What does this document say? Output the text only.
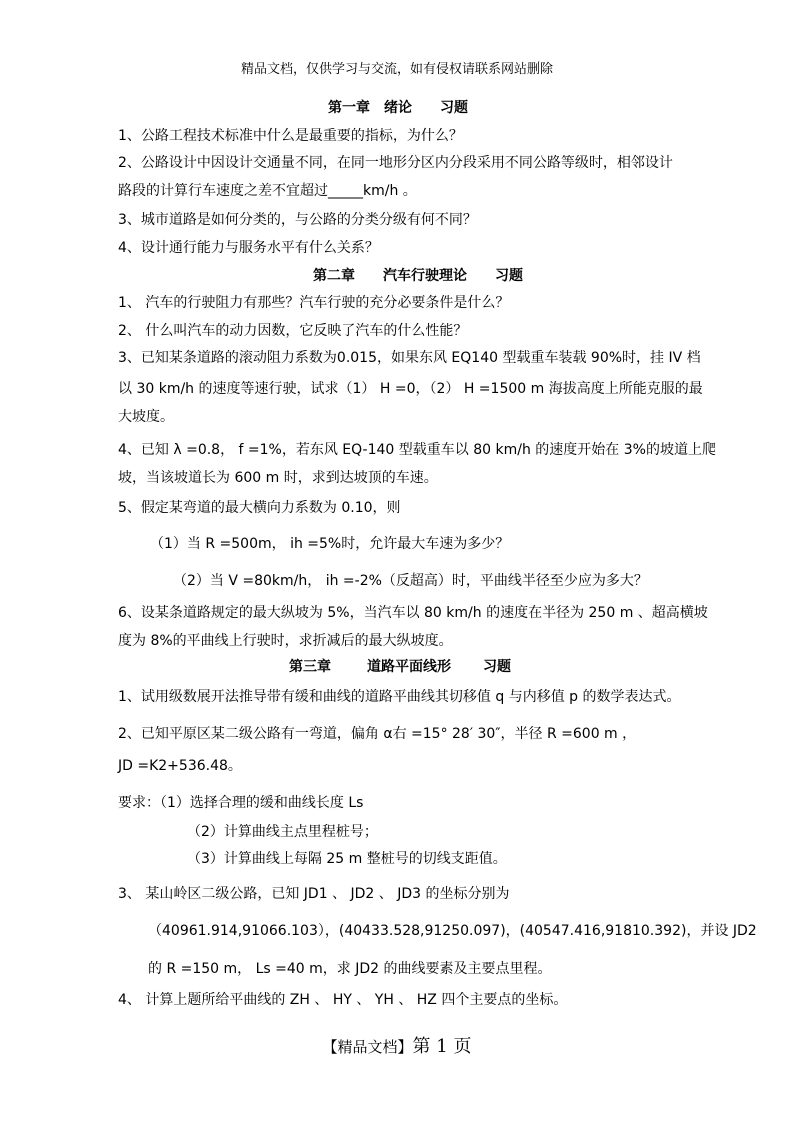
精品文档，仅供学习与交流，如有侵权请联系网站删除
第一章 绪论 习题
1、公路工程技术标准中什么是最重要的指标，为什么？
2、公路设计中因设计交通量不同，在同一地形分区内分段采用不同公路等级时，相邻设计
路段的计算行车速度之差不宜超过_____km/h 。
3、城市道路是如何分类的，与公路的分类分级有何不同？
4、设计通行能力与服务水平有什么关系？
第二章 汽车行驶理论 习题
1、 汽车的行驶阻力有那些？汽车行驶的充分必要条件是什么？
2、 什么叫汽车的动力因数，它反映了汽车的什么性能？
3、已知某条道路的滚动阻力系数为0.015，如果东风 EQ140 型载重车装载 90%时，挂 IV 档
以 30 km/h 的速度等速行驶，试求（1） H =0，（2） H =1500 m 海拔高度上所能克服的最
大坡度。
4、已知 λ =0.8， f =1%，若东风 EQ-140 型载重车以 80 km/h 的速度开始在 3%的坡道上爬
坡，当该坡道长为 600 m 时，求到达坡顶的车速。
5、假定某弯道的最大横向力系数为 0.10，则
（1）当 R =500m， ih =5%时，允许最大车速为多少？
（2）当 V =80km/h， ih =-2%（反超高）时，平曲线半径至少应为多大？
6、设某条道路规定的最大纵坡为 5%，当汽车以 80 km/h 的速度在半径为 250 m 、超高横坡
度为 8%的平曲线上行驶时，求折减后的最大纵坡度。
第三章	道路平面线形 习题
1、试用级数展开法推导带有缓和曲线的道路平曲线其切移值 q 与内移值 p 的数学表达式。
2、已知平原区某二级公路有一弯道，偏角 α右 =15° 28′ 30″，半径 R =600 m ，
JD =K2+536.48。
要求：（1）选择合理的缓和曲线长度 Ls
（2）计算曲线主点里程桩号；
（3）计算曲线上每隔 25 m 整桩号的切线支距值。
3、 某山岭区二级公路，已知 JD1 、 JD2 、 JD3 的坐标分别为
（40961.914,91066.103），(40433.528,91250.097)，(40547.416,91810.392)，并设 JD2
的 R =150 m， Ls =40 m，求 JD2 的曲线要素及主要点里程。
4、 计算上题所给平曲线的 ZH 、 HY 、 YH 、 HZ 四个主要点的坐标。
【精品文档】第 1 页
